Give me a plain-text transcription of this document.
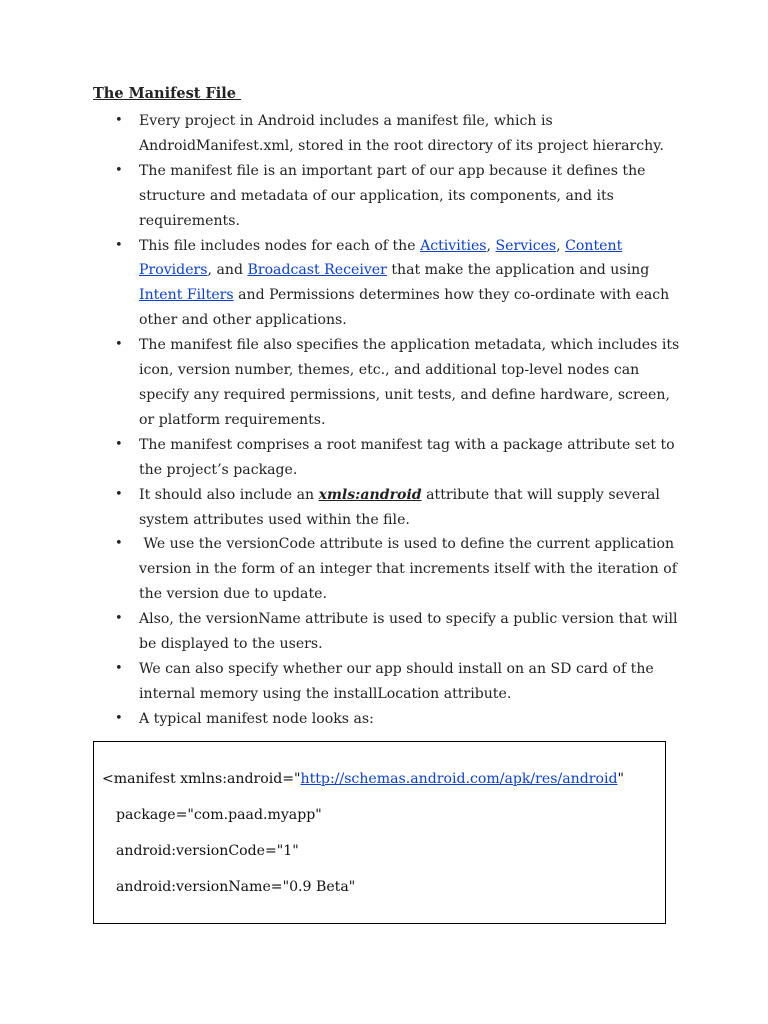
The Manifest File
• Every project in Android includes a manifest file, which is AndroidManifest.xml, stored in the root directory of its project hierarchy.
• The manifest file is an important part of our app because it defines the structure and metadata of our application, its components, and its requirements.
• This file includes nodes for each of the Activities, Services, Content Providers, and Broadcast Receiver that make the application and using Intent Filters and Permissions determines how they co-ordinate with each other and other applications.
• The manifest file also specifies the application metadata, which includes its icon, version number, themes, etc., and additional top-level nodes can specify any required permissions, unit tests, and define hardware, screen, or platform requirements.
• The manifest comprises a root manifest tag with a package attribute set to the project’s package.
• It should also include an xmls:android attribute that will supply several system attributes used within the file.
• We use the versionCode attribute is used to define the current application version in the form of an integer that increments itself with the iteration of the version due to update.
• Also, the versionName attribute is used to specify a public version that will be displayed to the users.
• We can also specify whether our app should install on an SD card of the internal memory using the installLocation attribute.
• A typical manifest node looks as:
<manifest xmlns:android="http://schemas.android.com/apk/res/android"
package="com.paad.myapp"
android:versionCode="1"
android:versionName="0.9 Beta"
